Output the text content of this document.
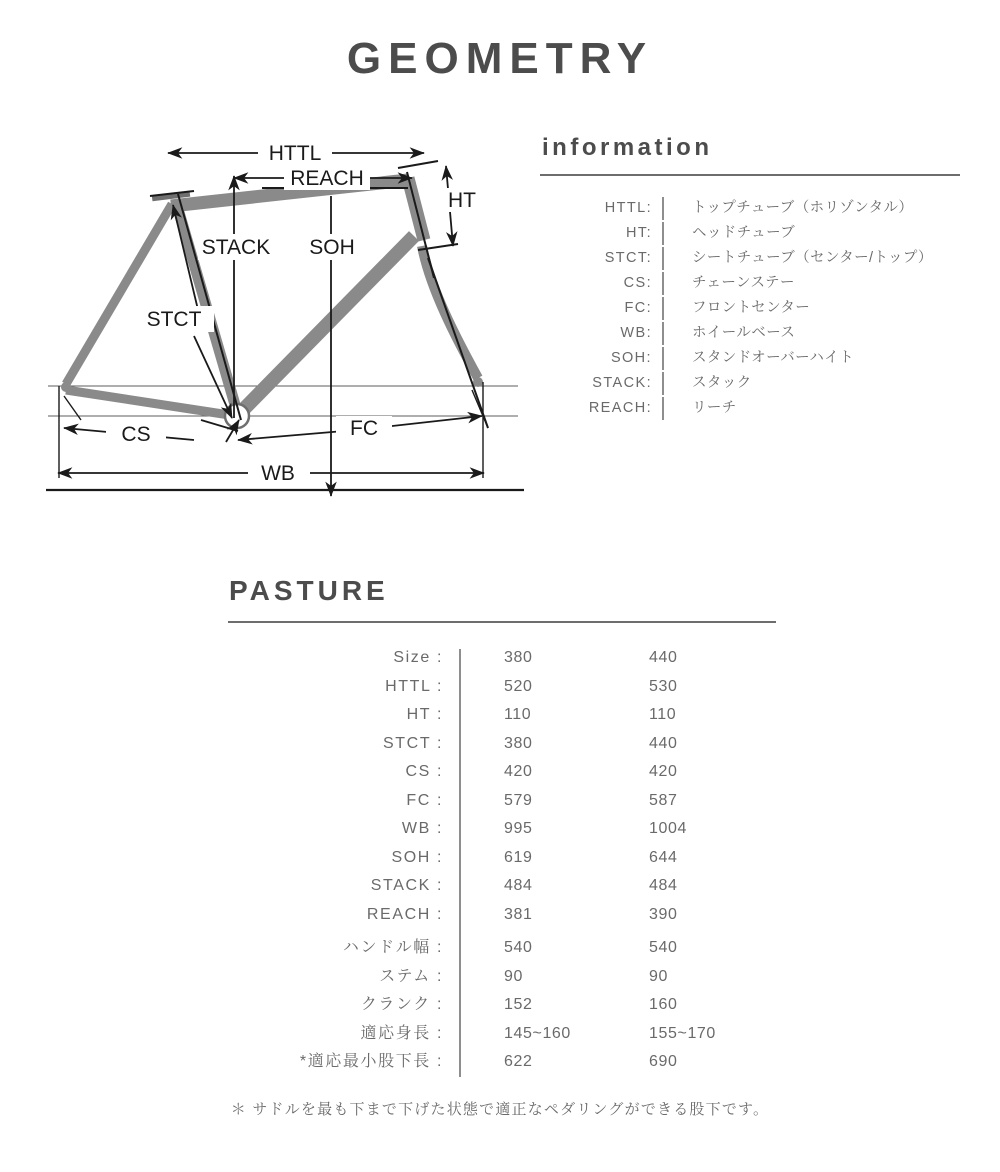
GEOMETRY
HTTL
REACH
HT
STACK SOH
STCT
CS	FC
WB
information
HTTL:	トップチューブ（ホリゾンタル）
HT:	ヘッドチューブ
STCT:	シートチューブ（センター/トップ）
CS:	チェーンステー
FC:	フロントセンター
WB:	ホイールベース
SOH:	スタンドオーバーハイト
STACK:	スタック
REACH:	リーチ
PASTURE
Size :	380	440
HTTL :	520	530
HT :	110	110
STCT :	380	440
CS :	420	420
FC :	579	587
WB :	995	1004
SOH :	619	644
STACK :	484	484
REACH :	381	390
ハンドル幅 :	540	540
ステム :	90	90
クランク :	152	160
適応身長 :	145~160	155~170
*適応最小股下長 :	622	690
＊ サドルを最も下まで下げた状態で適正なペダリングができる股下です。
